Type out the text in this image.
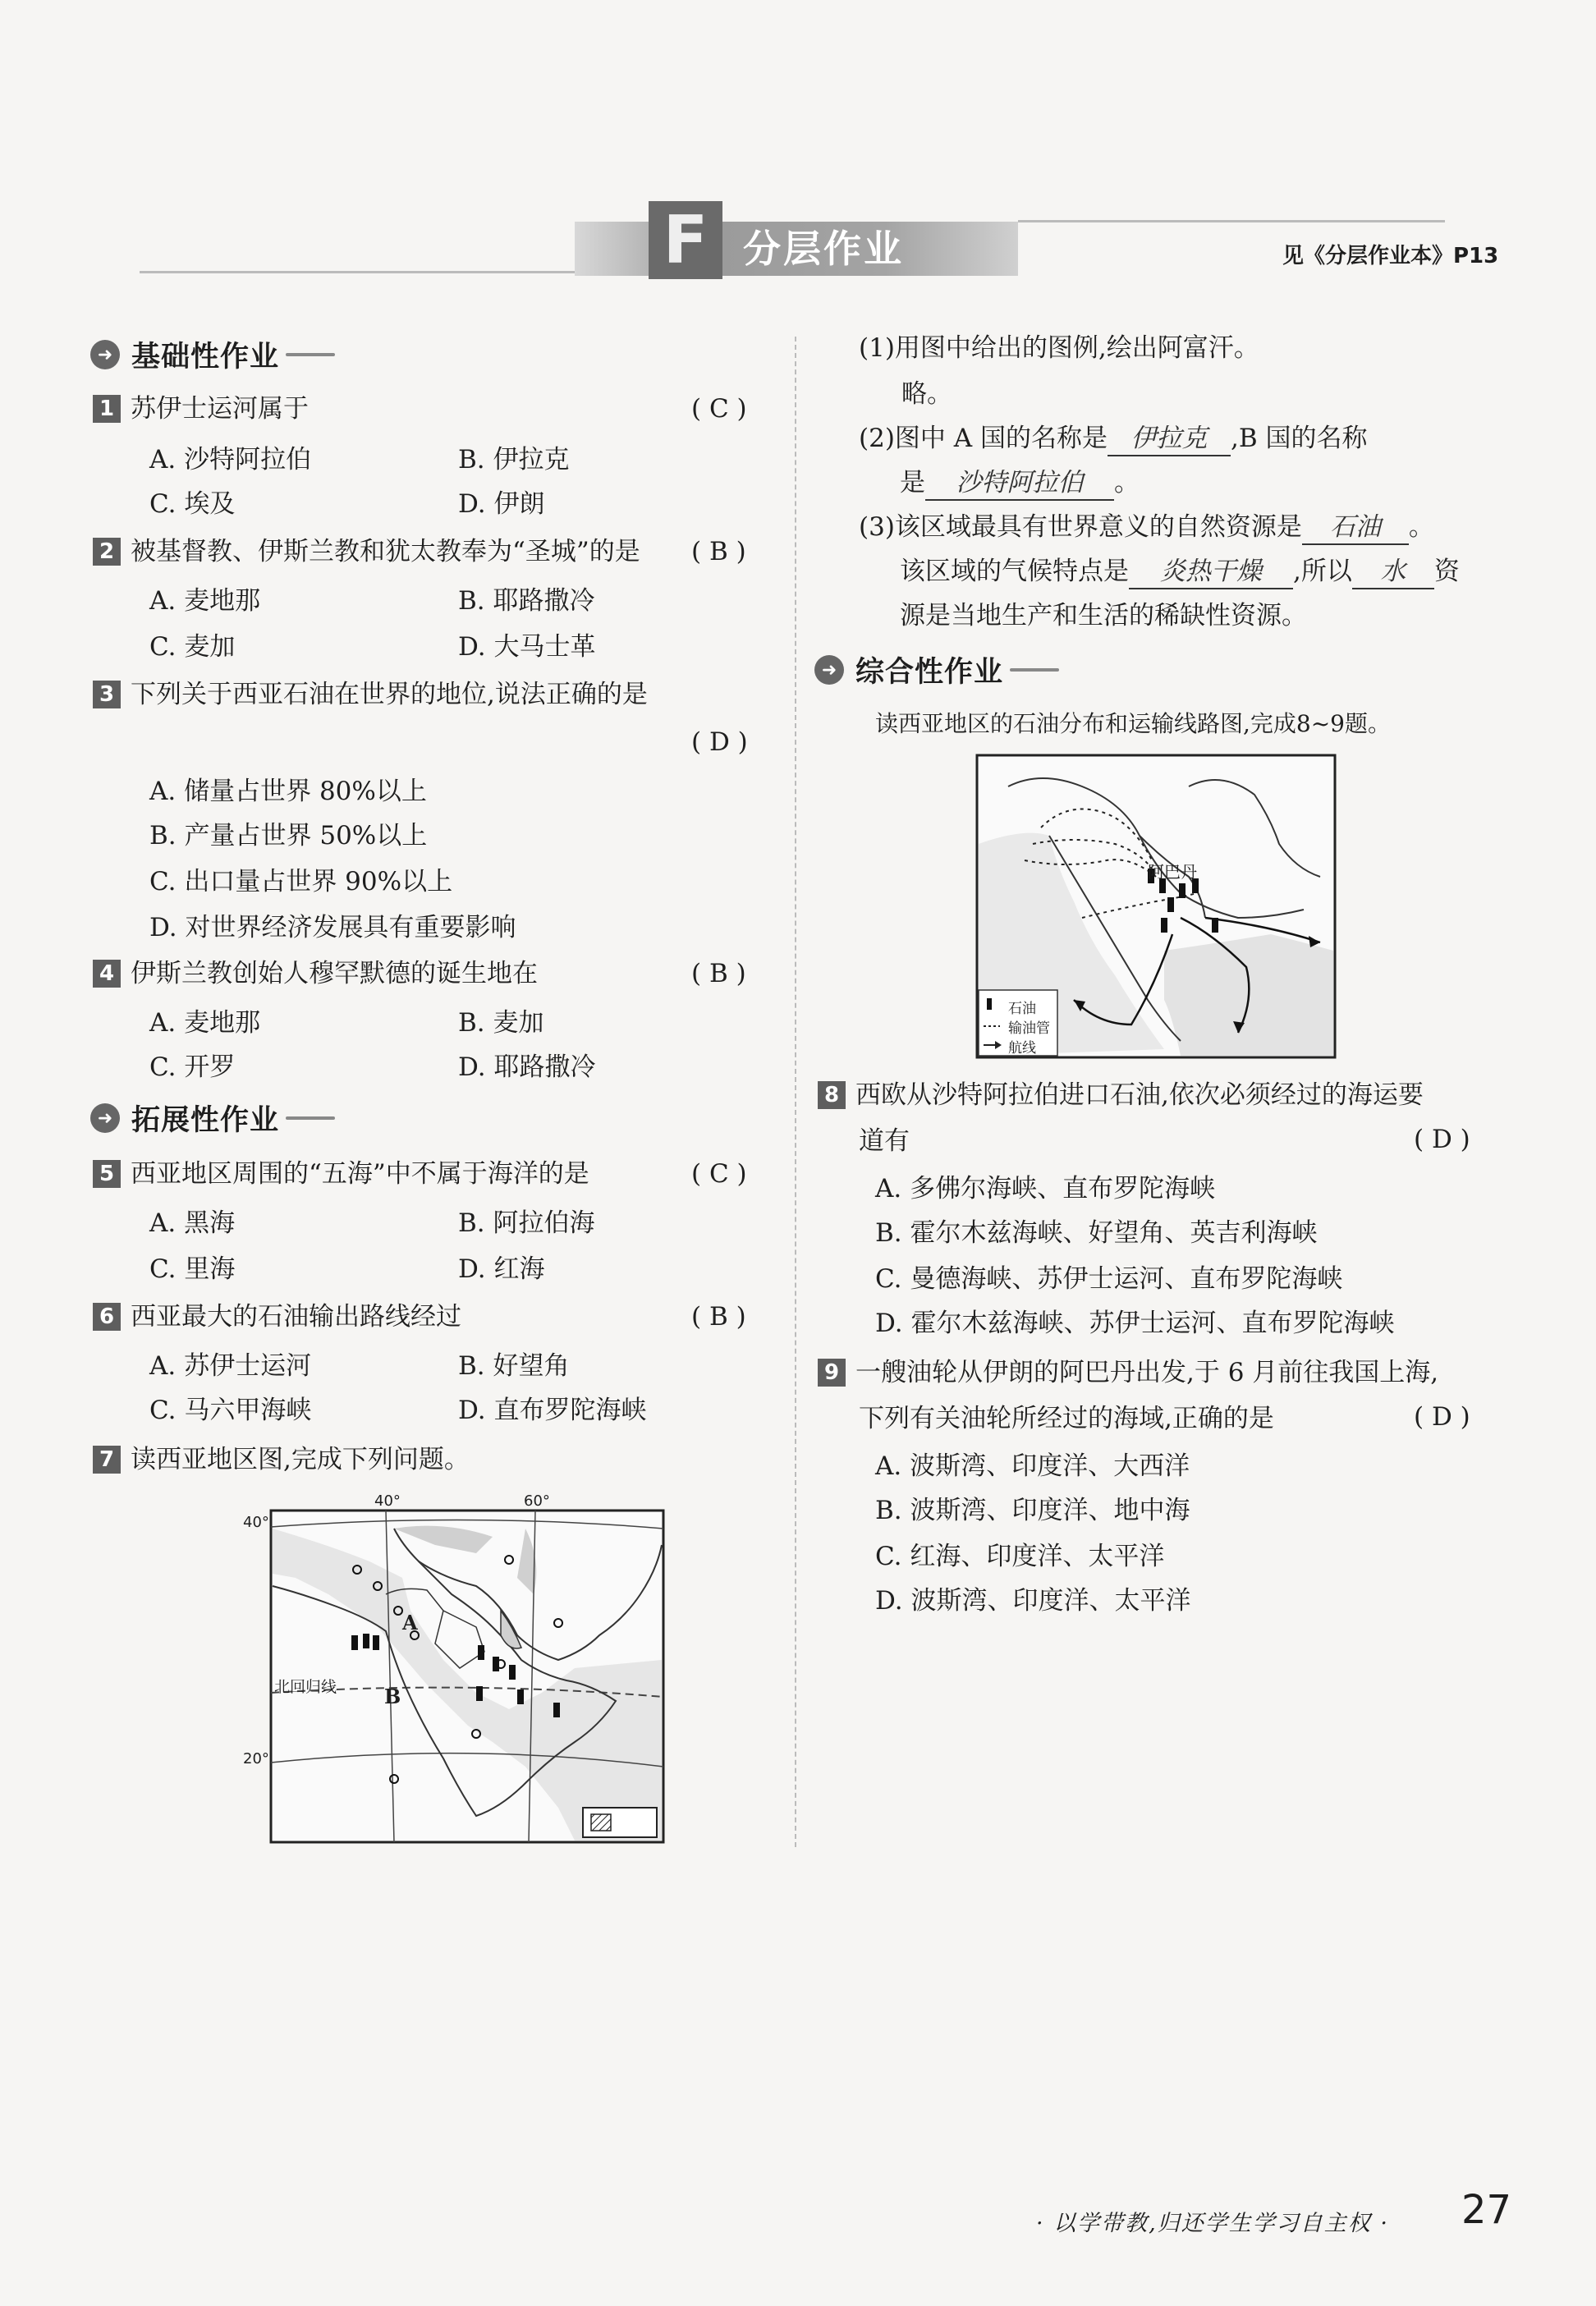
F 分层作业	见《分层作业本》P13
➜ 基础性作业
1 苏伊士运河属于	( C )
A. 沙特阿拉伯	B. 伊拉克
C. 埃及	D. 伊朗
2 被基督教、伊斯兰教和犹太教奉为“圣城”的是 ( B )
A. 麦地那	B. 耶路撒冷
C. 麦加	D. 大马士革
3 下列关于西亚石油在世界的地位,说法正确的是
( D )
A. 储量占世界 80%以上
B. 产量占世界 50%以上
C. 出口量占世界 90%以上
D. 对世界经济发展具有重要影响
4 伊斯兰教创始人穆罕默德的诞生地在	( B )
A. 麦地那	B. 麦加
C. 开罗	D. 耶路撒冷
➜ 拓展性作业
5 西亚地区周围的“五海”中不属于海洋的是	( C )
A. 黑海	B. 阿拉伯海
C. 里海	D. 红海
6 西亚最大的石油输出路线经过	( B )
A. 苏伊士运河	B. 好望角
C. 马六甲海峡	D. 直布罗陀海峡
7 读西亚地区图,完成下列问题。
40°
20°
40°	60°
A
B
北回归线
(1)用图中给出的图例,绘出阿富汗。
略。
(2)图中 A 国的名称是 伊拉克 ,B 国的名称
是 沙特阿拉伯 。
(3)该区域最具有世界意义的自然资源是 石油 。
该区域的气候特点是 炎热干燥 ,所以 水 资
源是当地生产和生活的稀缺性资源。
➜ 综合性作业
读西亚地区的石油分布和运输线路图,完成8~9题。
阿巴丹
石油
输油管
航线
8 西欧从沙特阿拉伯进口石油,依次必须经过的海运要
道有	( D )
A. 多佛尔海峡、直布罗陀海峡
B. 霍尔木兹海峡、好望角、英吉利海峡
C. 曼德海峡、苏伊士运河、直布罗陀海峡
D. 霍尔木兹海峡、苏伊士运河、直布罗陀海峡
9 一艘油轮从伊朗的阿巴丹出发,于 6 月前往我国上海,
下列有关油轮所经过的海域,正确的是	( D )
A. 波斯湾、印度洋、大西洋
B. 波斯湾、印度洋、地中海
C. 红海、印度洋、太平洋
D. 波斯湾、印度洋、太平洋
· 以学带教,归还学生学习自主权 · 27
